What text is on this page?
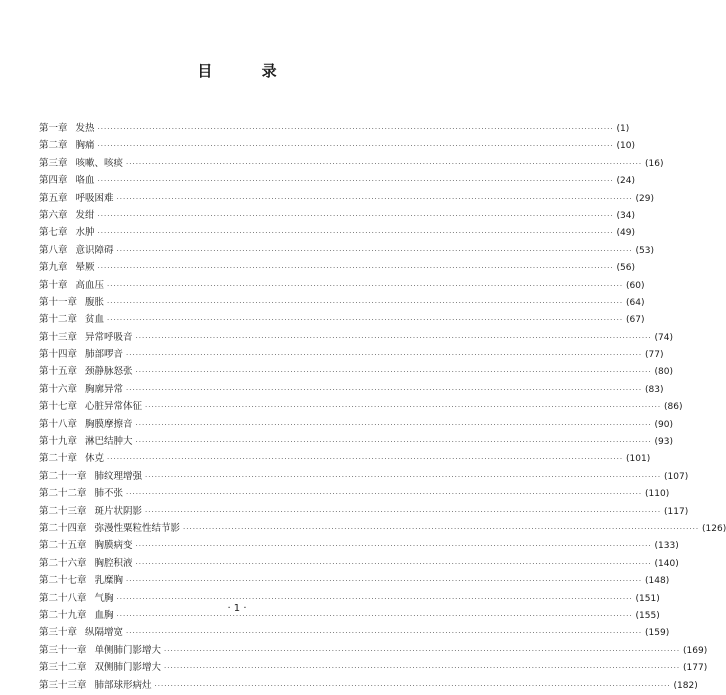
目 录
第一章 发热 ································································································································································ (1)
第二章 胸痛 ································································································································································ (10)
第三章 咳嗽、咳痰 ································································································································································ (16)
第四章 咯血 ································································································································································ (24)
第五章 呼吸困难 ································································································································································ (29)
第六章 发绀 ································································································································································ (34)
第七章 水肿 ································································································································································ (49)
第八章 意识障碍 ································································································································································ (53)
第九章 晕厥 ································································································································································ (56)
第十章 高血压 ································································································································································ (60)
第十一章 腹胀 ································································································································································ (64)
第十二章 贫血 ································································································································································ (67)
第十三章 异常呼吸音 ································································································································································ (74)
第十四章 肺部啰音 ································································································································································ (77)
第十五章 颈静脉怒张 ································································································································································ (80)
第十六章 胸廓异常 ································································································································································ (83)
第十七章 心脏异常体征 ································································································································································ (86)
第十八章 胸膜摩擦音 ································································································································································ (90)
第十九章 淋巴结肿大 ································································································································································ (93)
第二十章 休克 ································································································································································ (101)
第二十一章 肺纹理增强 ································································································································································ (107)
第二十二章 肺不张 ································································································································································ (110)
第二十三章 斑片状阴影 ································································································································································ (117)
第二十四章 弥漫性粟粒性结节影 ································································································································································ (126)
第二十五章 胸膜病变 ································································································································································ (133)
第二十六章 胸腔积液 ································································································································································ (140)
第二十七章 乳糜胸 ································································································································································ (148)
第二十八章 气胸 ································································································································································ (151)
第二十九章 血胸 ································································································································································ (155)
第三十章 纵隔增宽 ································································································································································ (159)
第三十一章 单侧肺门影增大 ································································································································································ (169)
第三十二章 双侧肺门影增大 ································································································································································ (177)
第三十三章 肺部球形病灶 ································································································································································ (182)
· 1 ·
